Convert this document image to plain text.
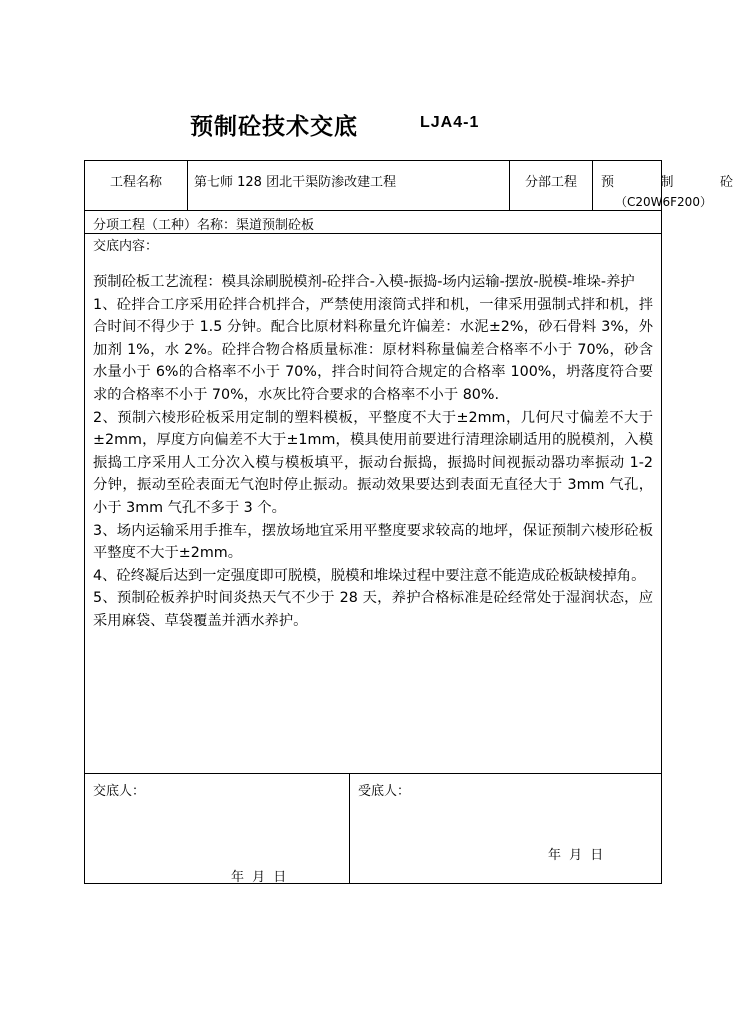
预制砼技术交底	LJA4-1
工程名称	第七师 128 团北干渠防渗改建工程	分部工程	预	制	砼
（C20W6F200）
分项工程（工种）名称：渠道预制砼板
交底内容：

预制砼板工艺流程：模具涂刷脱模剂-砼拌合-入模-振捣-场内运输-摆放-脱模-堆垛-养护

1、砼拌合工序采用砼拌合机拌合，严禁使用滚筒式拌和机，一律采用强制式拌和机，拌合时间不得少于 1.5 分钟。配合比原材料称量允许偏差：水泥±2%，砂石骨料 3%，外加剂 1%，水 2%。砼拌合物合格质量标准：原材料称量偏差合格率不小于 70%，砂含水量小于 6%的合格率不小于 70%，拌合时间符合规定的合格率 100%，坍落度符合要求的合格率不小于 70%，水灰比符合要求的合格率不小于 80%.

2、预制六棱形砼板采用定制的塑料模板，平整度不大于±2mm，几何尺寸偏差不大于±2mm，厚度方向偏差不大于±1mm，模具使用前要进行清理涂刷适用的脱模剂，入模振捣工序采用人工分次入模与模板填平，振动台振捣，振捣时间视振动器功率振动 1-2 分钟，振动至砼表面无气泡时停止振动。振动效果要达到表面无直径大于 3mm 气孔，小于 3mm 气孔不多于 3 个。

3、场内运输采用手推车，摆放场地宜采用平整度要求较高的地坪，保证预制六棱形砼板平整度不大于±2mm。

4、砼终凝后达到一定强度即可脱模，脱模和堆垛过程中要注意不能造成砼板缺棱掉角。

5、预制砼板养护时间炎热天气不少于 28 天，养护合格标准是砼经常处于湿润状态，应采用麻袋、草袋覆盖并洒水养护。

交底人：
年 月 日
受底人：
年 月 日
